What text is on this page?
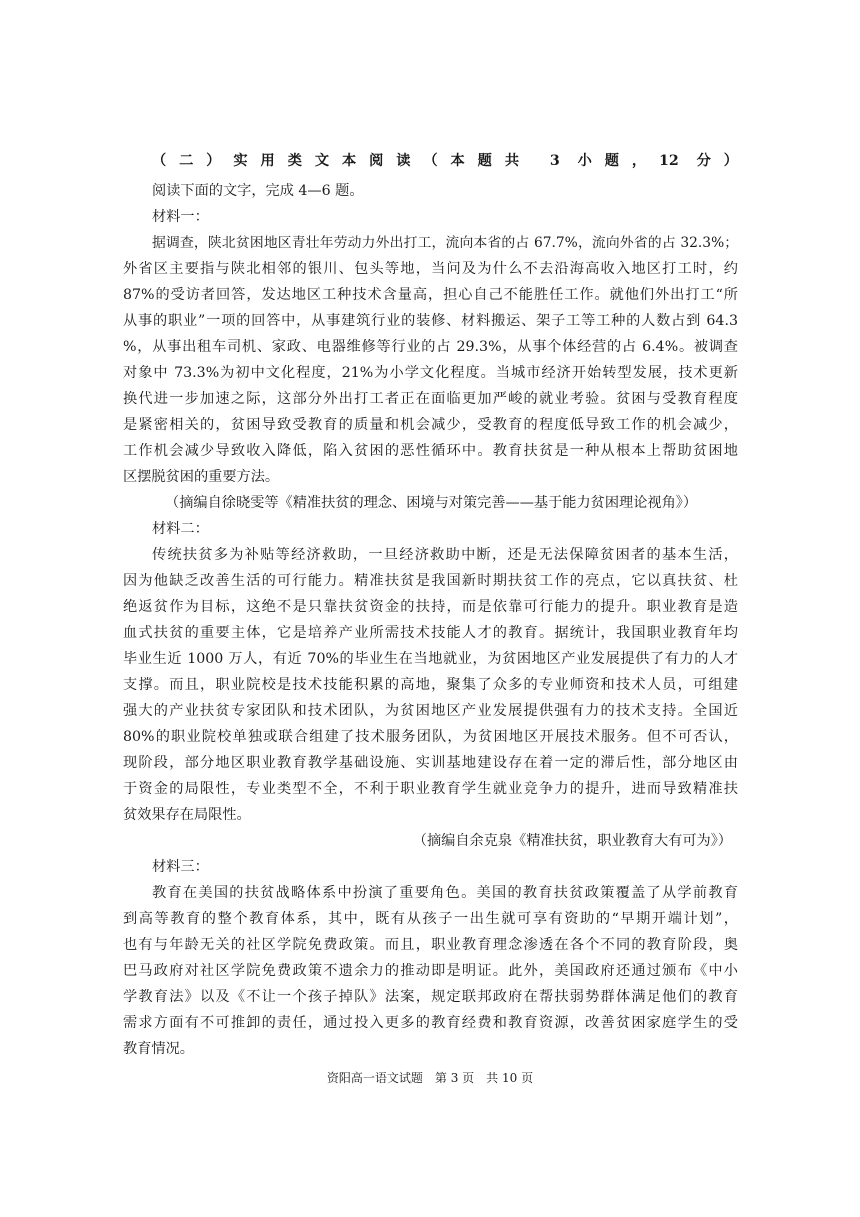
（二）实用类文本阅读（本题共 3 小题，12 分）
阅读下面的文字，完成 4—6 题。
材料一：
据调查，陕北贫困地区青壮年劳动力外出打工，流向本省的占 67.7%，流向外省的占 32.3%；
外省区主要指与陕北相邻的银川、包头等地，当问及为什么不去沿海高收入地区打工时，约
87%的受访者回答，发达地区工种技术含量高，担心自己不能胜任工作。就他们外出打工“所
从事的职业”一项的回答中，从事建筑行业的装修、材料搬运、架子工等工种的人数占到 64.3
%，从事出租车司机、家政、电器维修等行业的占 29.3%，从事个体经营的占 6.4%。被调查
对象中 73.3%为初中文化程度，21%为小学文化程度。当城市经济开始转型发展，技术更新
换代进一步加速之际，这部分外出打工者正在面临更加严峻的就业考验。贫困与受教育程度
是紧密相关的，贫困导致受教育的质量和机会减少，受教育的程度低导致工作的机会减少，
工作机会减少导致收入降低，陷入贫困的恶性循环中。教育扶贫是一种从根本上帮助贫困地
区摆脱贫困的重要方法。
（摘编自徐晓雯等《精准扶贫的理念、困境与对策完善——基于能力贫困理论视角》）
材料二：
传统扶贫多为补贴等经济救助，一旦经济救助中断，还是无法保障贫困者的基本生活，
因为他缺乏改善生活的可行能力。精准扶贫是我国新时期扶贫工作的亮点，它以真扶贫、杜
绝返贫作为目标，这绝不是只靠扶贫资金的扶持，而是依靠可行能力的提升。职业教育是造
血式扶贫的重要主体，它是培养产业所需技术技能人才的教育。据统计，我国职业教育年均
毕业生近 1000 万人，有近 70%的毕业生在当地就业，为贫困地区产业发展提供了有力的人才
支撑。而且，职业院校是技术技能积累的高地，聚集了众多的专业师资和技术人员，可组建
强大的产业扶贫专家团队和技术团队，为贫困地区产业发展提供强有力的技术支持。全国近
80%的职业院校单独或联合组建了技术服务团队，为贫困地区开展技术服务。但不可否认，
现阶段，部分地区职业教育教学基础设施、实训基地建设存在着一定的滞后性，部分地区由
于资金的局限性，专业类型不全，不利于职业教育学生就业竞争力的提升，进而导致精准扶
贫效果存在局限性。
（摘编自余克泉《精准扶贫，职业教育大有可为》）
材料三：
教育在美国的扶贫战略体系中扮演了重要角色。美国的教育扶贫政策覆盖了从学前教育
到高等教育的整个教育体系，其中，既有从孩子一出生就可享有资助的“早期开端计划”，
也有与年龄无关的社区学院免费政策。而且，职业教育理念渗透在各个不同的教育阶段，奥
巴马政府对社区学院免费政策不遗余力的推动即是明证。此外，美国政府还通过颁布《中小
学教育法》以及《不让一个孩子掉队》法案，规定联邦政府在帮扶弱势群体满足他们的教育
需求方面有不可推卸的责任，通过投入更多的教育经费和教育资源，改善贫困家庭学生的受
教育情况。
资阳高一语文试题　第 3 页　共 10 页
